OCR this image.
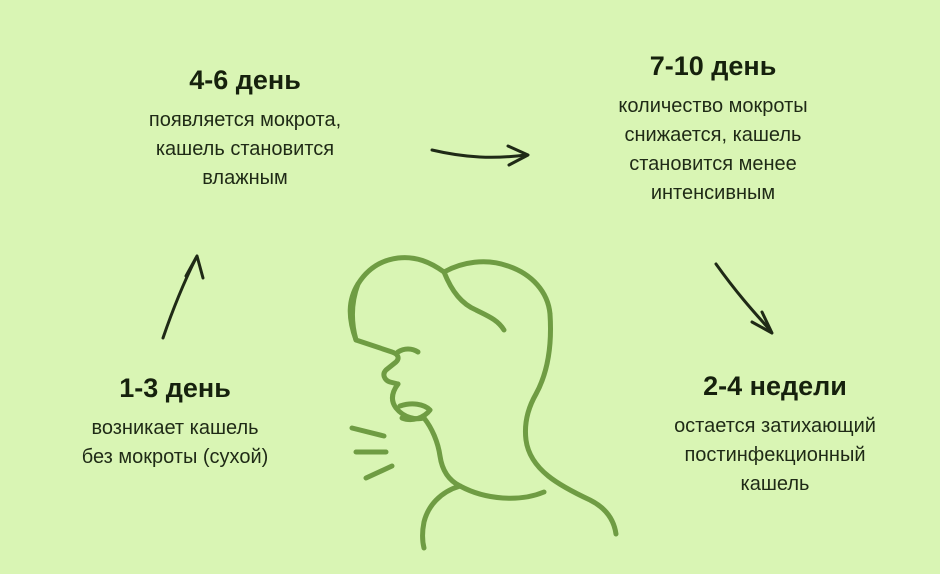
1-3 день
возникает кашель
без мокроты (сухой)
4-6 день
появляется мокрота,
кашель становится
влажным
7-10 день
количество мокроты
снижается, кашель
становится менее
интенсивным
2-4 недели
остается затихающий
постинфекционный
кашель
